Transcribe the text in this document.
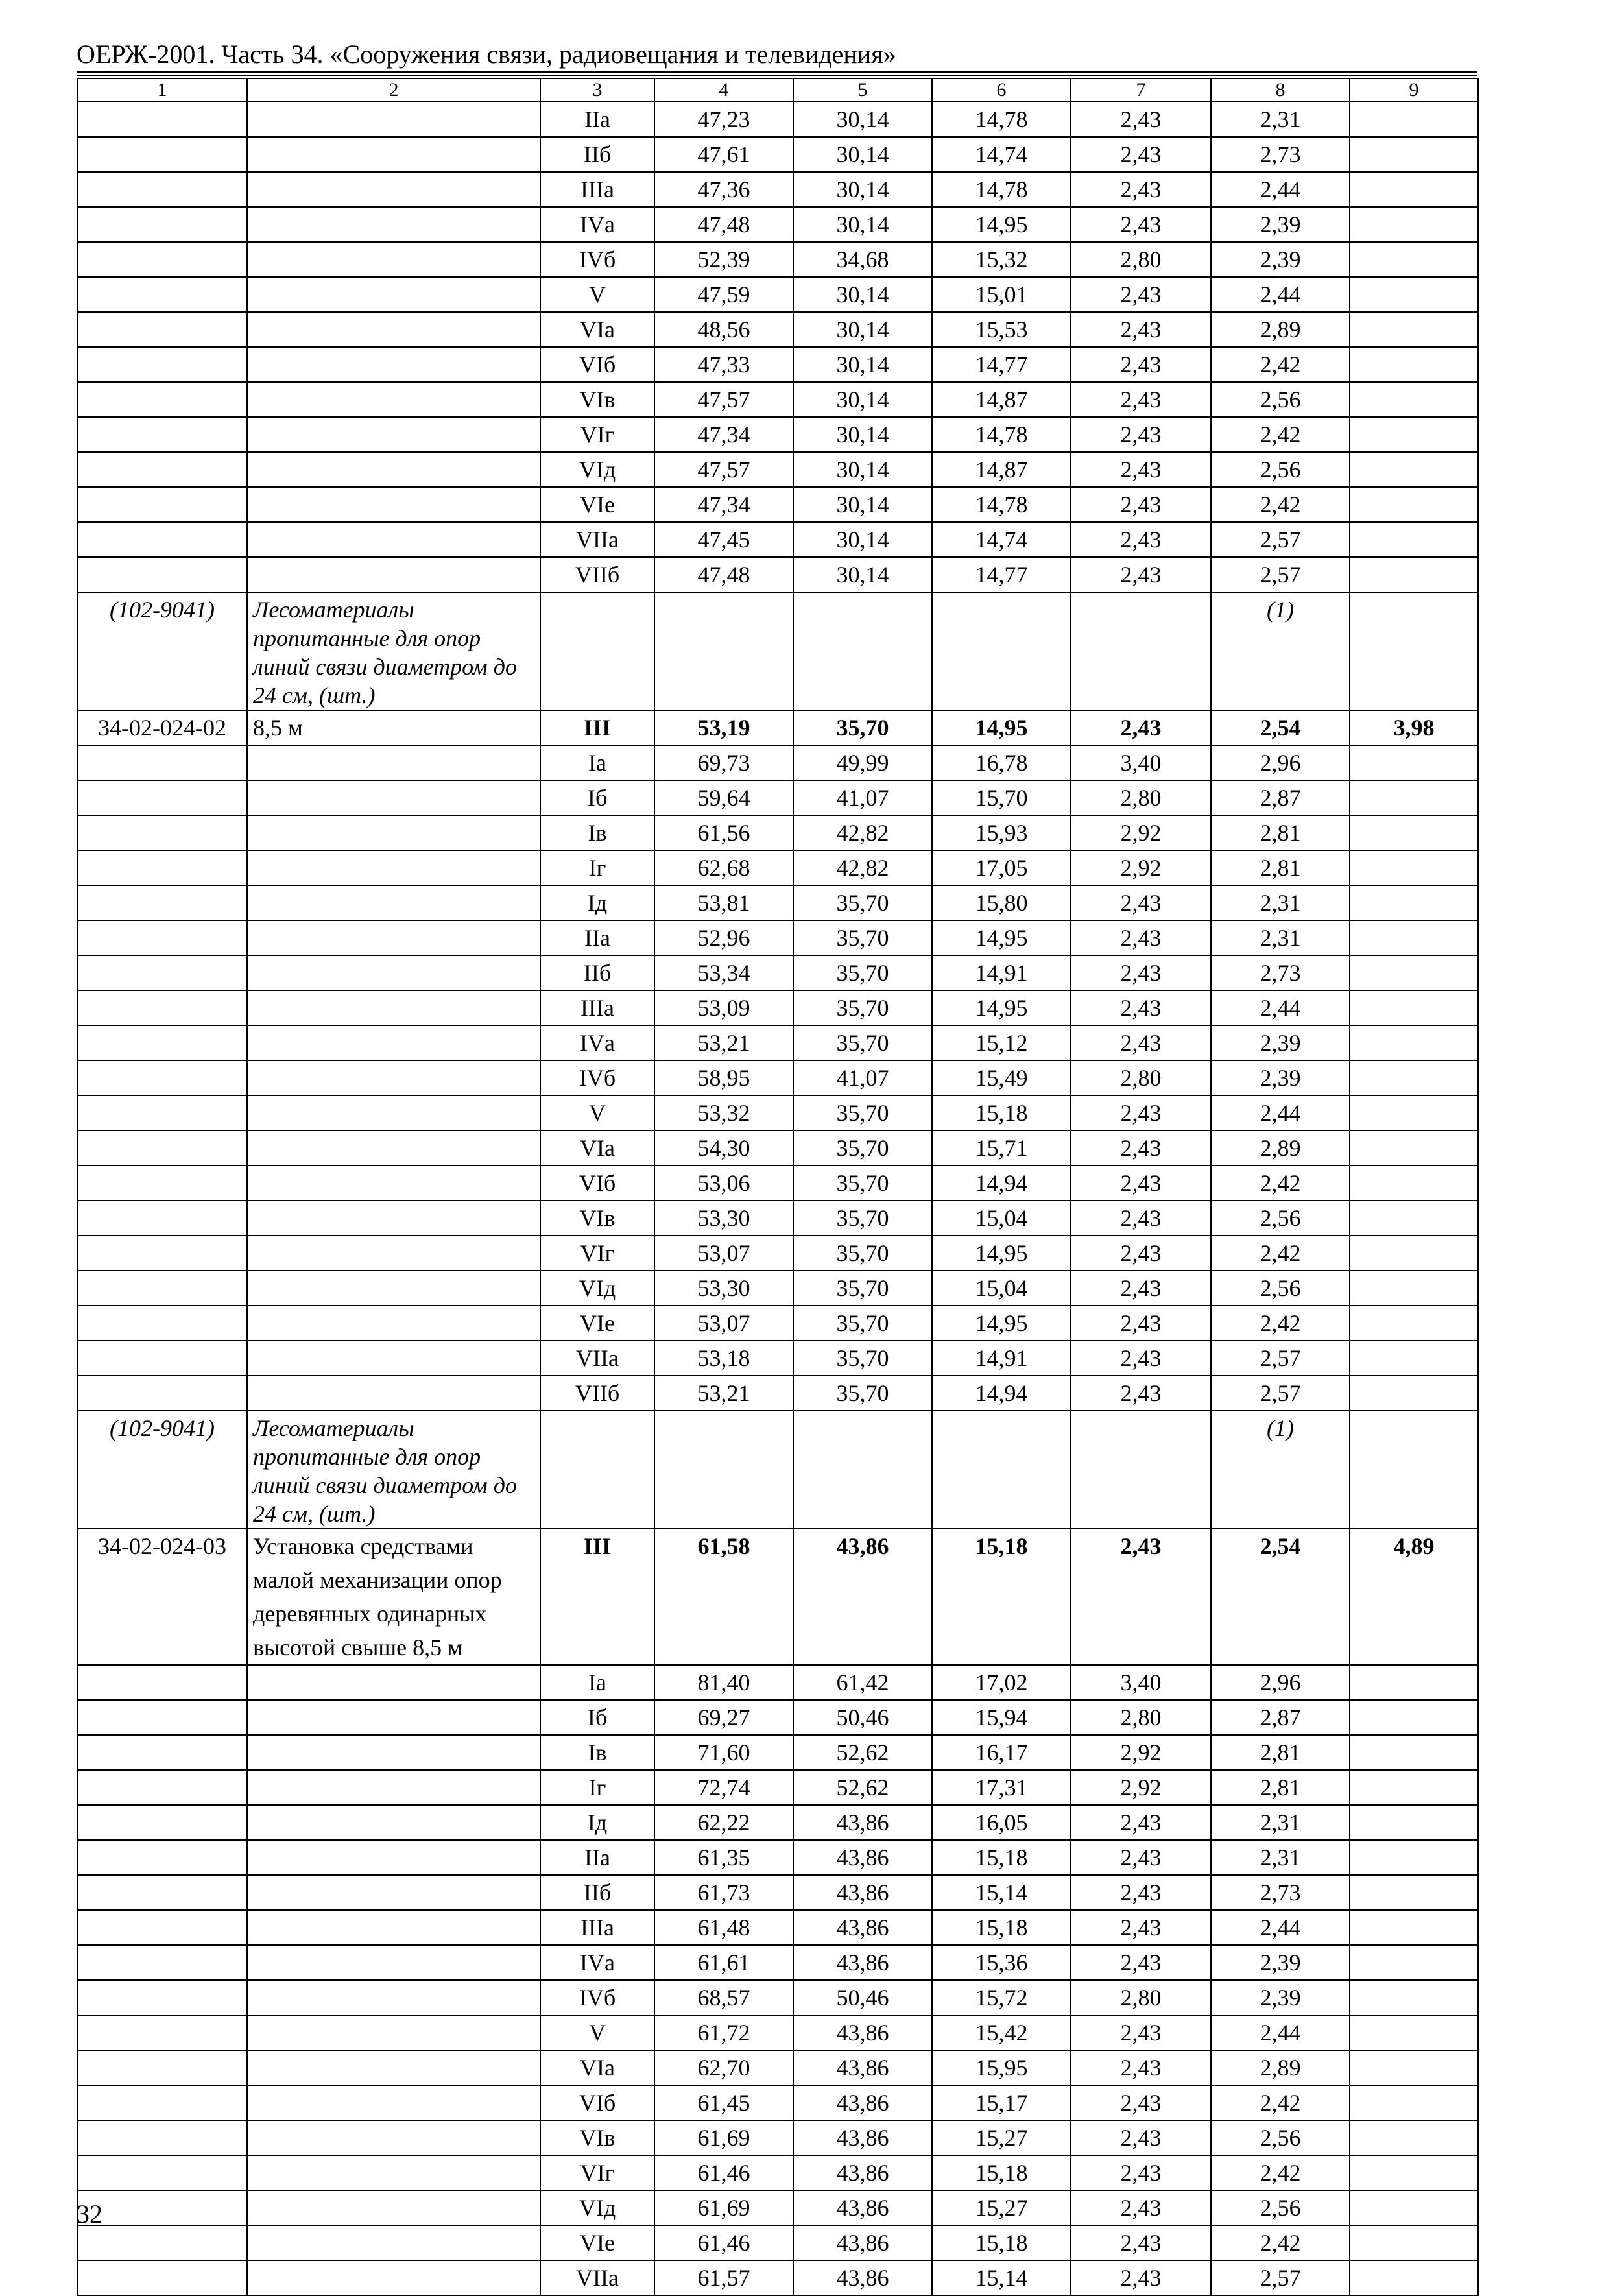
ОЕРЖ-2001. Часть 34. «Сооружения связи, радиовещания и телевидения»
1	2	3	4	5	6	7	8	9
		IIа	47,23	30,14	14,78	2,43	2,31	
		IIб	47,61	30,14	14,74	2,43	2,73	
		IIIа	47,36	30,14	14,78	2,43	2,44	
		IVа	47,48	30,14	14,95	2,43	2,39	
		IVб	52,39	34,68	15,32	2,80	2,39	
		V	47,59	30,14	15,01	2,43	2,44	
		VIа	48,56	30,14	15,53	2,43	2,89	
		VIб	47,33	30,14	14,77	2,43	2,42	
		VIв	47,57	30,14	14,87	2,43	2,56	
		VIг	47,34	30,14	14,78	2,43	2,42	
		VIд	47,57	30,14	14,87	2,43	2,56	
		VIе	47,34	30,14	14,78	2,43	2,42	
		VIIа	47,45	30,14	14,74	2,43	2,57	
		VIIб	47,48	30,14	14,77	2,43	2,57	
(102-9041)	Лесоматериалы пропитанные для опор линий связи диаметром до 24 см, (шт.)						(1)	
34-02-024-02	8,5 м	III	53,19	35,70	14,95	2,43	2,54	3,98
		Iа	69,73	49,99	16,78	3,40	2,96	
		Iб	59,64	41,07	15,70	2,80	2,87	
		Iв	61,56	42,82	15,93	2,92	2,81	
		Iг	62,68	42,82	17,05	2,92	2,81	
		Iд	53,81	35,70	15,80	2,43	2,31	
		IIа	52,96	35,70	14,95	2,43	2,31	
		IIб	53,34	35,70	14,91	2,43	2,73	
		IIIа	53,09	35,70	14,95	2,43	2,44	
		IVа	53,21	35,70	15,12	2,43	2,39	
		IVб	58,95	41,07	15,49	2,80	2,39	
		V	53,32	35,70	15,18	2,43	2,44	
		VIа	54,30	35,70	15,71	2,43	2,89	
		VIб	53,06	35,70	14,94	2,43	2,42	
		VIв	53,30	35,70	15,04	2,43	2,56	
		VIг	53,07	35,70	14,95	2,43	2,42	
		VIд	53,30	35,70	15,04	2,43	2,56	
		VIе	53,07	35,70	14,95	2,43	2,42	
		VIIа	53,18	35,70	14,91	2,43	2,57	
		VIIб	53,21	35,70	14,94	2,43	2,57	
(102-9041)	Лесоматериалы пропитанные для опор линий связи диаметром до 24 см, (шт.)						(1)	
34-02-024-03	Установка средствами малой механизации опор деревянных одинарных высотой свыше 8,5 м	III	61,58	43,86	15,18	2,43	2,54	4,89
		Iа	81,40	61,42	17,02	3,40	2,96	
		Iб	69,27	50,46	15,94	2,80	2,87	
		Iв	71,60	52,62	16,17	2,92	2,81	
		Iг	72,74	52,62	17,31	2,92	2,81	
		Iд	62,22	43,86	16,05	2,43	2,31	
		IIа	61,35	43,86	15,18	2,43	2,31	
		IIб	61,73	43,86	15,14	2,43	2,73	
		IIIа	61,48	43,86	15,18	2,43	2,44	
		IVа	61,61	43,86	15,36	2,43	2,39	
		IVб	68,57	50,46	15,72	2,80	2,39	
		V	61,72	43,86	15,42	2,43	2,44	
		VIа	62,70	43,86	15,95	2,43	2,89	
		VIб	61,45	43,86	15,17	2,43	2,42	
		VIв	61,69	43,86	15,27	2,43	2,56	
		VIг	61,46	43,86	15,18	2,43	2,42	
		VIд	61,69	43,86	15,27	2,43	2,56	
		VIе	61,46	43,86	15,18	2,43	2,42	
		VIIа	61,57	43,86	15,14	2,43	2,57	
32
